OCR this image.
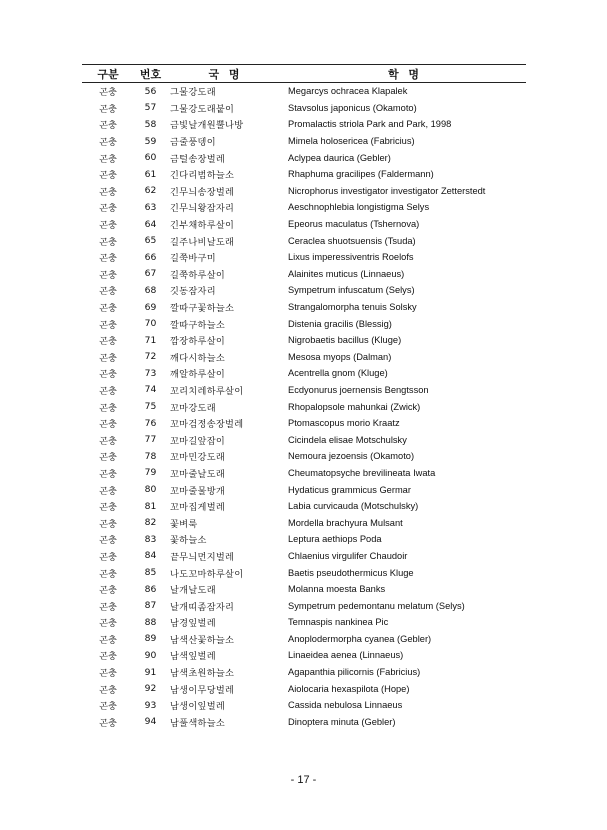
구분	번호	국 명	학 명
곤충	56	그물강도래	Megarcys ochracea Klapalek
곤충	57	그물강도래붙이	Stavsolus japonicus (Okamoto)
곤충	58	금빛날개원뿔나방	Promalactis striola Park and Park, 1998
곤충	59	금줄풍뎅이	Mimela holosericea (Fabricius)
곤충	60	금털송장벌레	Aclypea daurica (Gebler)
곤충	61	긴다리범하늘소	Rhaphuma gracilipes (Faldermann)
곤충	62	긴무늬송장벌레	Nicrophorus investigator investigator Zetterstedt
곤충	63	긴무늬왕잠자리	Aeschnophlebia longistigma Selys
곤충	64	긴부채하루살이	Epeorus maculatus (Tshernova)
곤충	65	길주나비날도래	Ceraclea shuotsuensis (Tsuda)
곤충	66	길쭉바구미	Lixus imperessiventris Roelofs
곤충	67	길쭉하루살이	Alainites muticus (Linnaeus)
곤충	68	깃동잠자리	Sympetrum infuscatum (Selys)
곤충	69	깔따구꽃하늘소	Strangalomorpha tenuis Solsky
곤충	70	깔따구하늘소	Distenia gracilis (Blessig)
곤충	71	깜장하루살이	Nigrobaetis bacillus (Kluge)
곤충	72	깨다시하늘소	Mesosa myops (Dalman)
곤충	73	깨알하루살이	Acentrella gnom (Kluge)
곤충	74	꼬리치레하루살이	Ecdyonurus joernensis Bengtsson
곤충	75	꼬마강도래	Rhopalopsole mahunkai (Zwick)
곤충	76	꼬마검정송장벌레	Ptomascopus morio Kraatz
곤충	77	꼬마길앞잡이	Cicindela elisae Motschulsky
곤충	78	꼬마민강도래	Nemoura jezoensis (Okamoto)
곤충	79	꼬마줄날도래	Cheumatopsyche brevilineata Iwata
곤충	80	꼬마줄물방개	Hydaticus grammicus Germar
곤충	81	꼬마집게벌레	Labia curvicauda (Motschulsky)
곤충	82	꽃벼룩	Mordella brachyura Mulsant
곤충	83	꽃하늘소	Leptura aethiops Poda
곤충	84	끝무늬먼지벌레	Chlaenius virgulifer Chaudoir
곤충	85	나도꼬마하루살이	Baetis pseudothermicus Kluge
곤충	86	날개날도래	Molanna moesta Banks
곤충	87	날개띠좀잠자리	Sympetrum pedemontanu melatum (Selys)
곤충	88	남경잎벌레	Temnaspis nankinea Pic
곤충	89	남색산꽃하늘소	Anoplodermorpha cyanea (Gebler)
곤충	90	남색잎벌레	Linaeidea aenea (Linnaeus)
곤충	91	남색초원하늘소	Agapanthia pilicornis (Fabricius)
곤충	92	남생이무당벌레	Aiolocaria hexaspilota (Hope)
곤충	93	남생이잎벌레	Cassida nebulosa Linnaeus
곤충	94	남풀색하늘소	Dinoptera minuta (Gebler)
- 17 -
